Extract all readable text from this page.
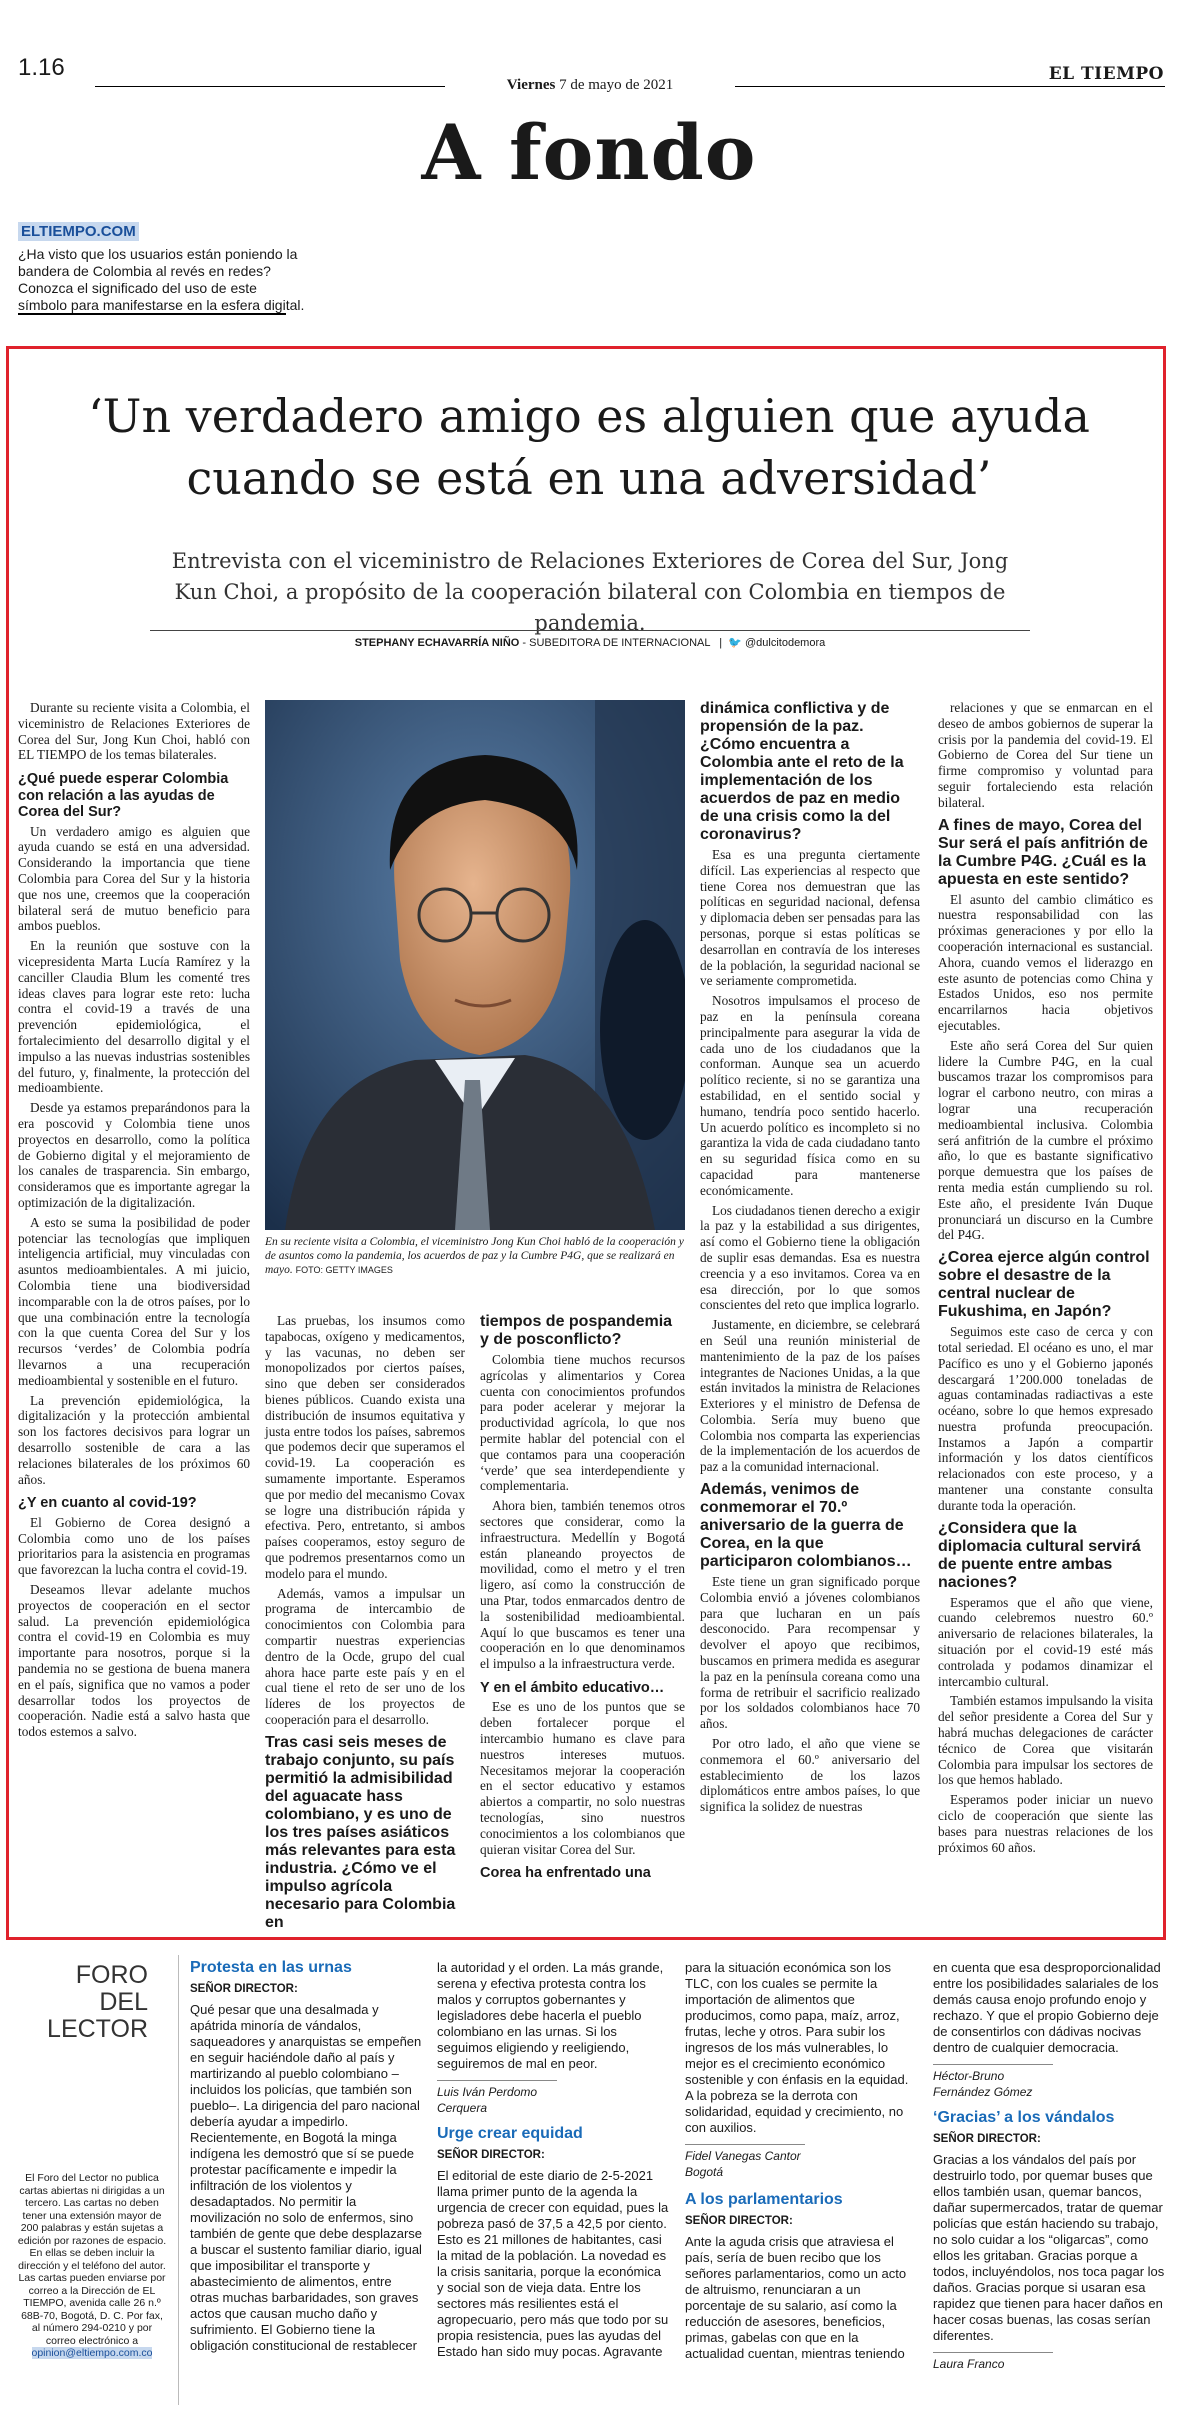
1.16
Viernes 7 de mayo de 2021
EL TIEMPO
A fondo
ELTIEMPO.COM
¿Ha visto que los usuarios están poniendo la bandera de Colombia al revés en redes? Conozca el significado del uso de este símbolo para manifestarse en la esfera digital.
‘Un verdadero amigo es alguien que ayuda cuando se está en una adversidad’
Entrevista con el viceministro de Relaciones Exteriores de Corea del Sur, Jong Kun Choi, a propósito de la cooperación bilateral con Colombia en tiempos de pandemia.
STEPHANY ECHAVARRÍA NIÑO - SUBEDITORA DE INTERNACIONAL   |  🐦 @dulcitodemora

Durante su reciente visita a Colombia, el viceministro de Relaciones Exteriores de Corea del Sur, Jong Kun Choi, habló con EL TIEMPO de los temas bilaterales.

¿Qué puede esperar Colombia con relación a las ayudas de Corea del Sur?

Un verdadero amigo es alguien que ayuda cuando se está en una adversidad. Considerando la importancia que tiene Colombia para Corea del Sur y la historia que nos une, creemos que la cooperación bilateral será de mutuo beneficio para ambos pueblos.

En la reunión que sostuve con la vicepresidenta Marta Lucía Ramírez y la canciller Claudia Blum les comenté tres ideas claves para lograr este reto: lucha contra el covid-19 a través de una prevención epidemiológica, el fortalecimiento del desarrollo digital y el impulso a las nuevas industrias sostenibles del futuro, y, finalmente, la protección del medioambiente.

Desde ya estamos preparándonos para la era poscovid y Colombia tiene unos proyectos en desarrollo, como la política de Gobierno digital y el mejoramiento de los canales de trasparencia. Sin embargo, consideramos que es importante agregar la optimización de la digitalización.

A esto se suma la posibilidad de poder potenciar las tecnologías que impliquen inteligencia artificial, muy vinculadas con asuntos medioambientales. A mi juicio, Colombia tiene una biodiversidad incomparable con la de otros países, por lo que una combinación entre la tecnología con la que cuenta Corea del Sur y los recursos ‘verdes’ de Colombia podría llevarnos a una recuperación medioambiental y sostenible en el futuro.

La prevención epidemiológica, la digitalización y la protección ambiental son los factores decisivos para lograr un desarrollo sostenible de cara a las relaciones bilaterales de los próximos 60 años.

¿Y en cuanto al covid-19?

El Gobierno de Corea designó a Colombia como uno de los países prioritarios para la asistencia en programas que favorezcan la lucha contra el covid-19.

Deseamos llevar adelante muchos proyectos de cooperación en el sector salud. La prevención epidemiológica contra el covid-19 en Colombia es muy importante para nosotros, porque si la pandemia no se gestiona de buena manera en el país, significa que no vamos a poder desarrollar todos los proyectos de cooperación. Nadie está a salvo hasta que todos estemos a salvo.

En su reciente visita a Colombia, el viceministro Jong Kun Choi habló de la cooperación y de asuntos como la pandemia, los acuerdos de paz y la Cumbre P4G, que se realizará en mayo. FOTO: GETTY IMAGES

Las pruebas, los insumos como tapabocas, oxígeno y medicamentos, y las vacunas, no deben ser monopolizados por ciertos países, sino que deben ser considerados bienes públicos. Cuando exista una distribución de insumos equitativa y justa entre todos los países, sabremos que podemos decir que superamos el covid-19. La cooperación es sumamente importante. Esperamos que por medio del mecanismo Covax se logre una distribución rápida y efectiva. Pero, entretanto, si ambos países cooperamos, estoy seguro de que podremos presentarnos como un modelo para el mundo.

Además, vamos a impulsar un programa de intercambio de conocimientos con Colombia para compartir nuestras experiencias dentro de la Ocde, grupo del cual ahora hace parte este país y en el cual tiene el reto de ser uno de los líderes de los proyectos de cooperación para el desarrollo.

Tras casi seis meses de trabajo conjunto, su país permitió la admisibilidad del aguacate hass colombiano, y es uno de los tres países asiáticos más relevantes para esta industria. ¿Cómo ve el impulso agrícola necesario para Colombia en
tiempos de pospandemia y de posconflicto?

Colombia tiene muchos recursos agrícolas y alimentarios y Corea cuenta con conocimientos profundos para poder acelerar y mejorar la productividad agrícola, lo que nos permite hablar del potencial con el que contamos para una cooperación ‘verde’ que sea interdependiente y complementaria.

Ahora bien, también tenemos otros sectores que considerar, como la infraestructura. Medellín y Bogotá están planeando proyectos de movilidad, como el metro y el tren ligero, así como la construcción de una Ptar, todos enmarcados dentro de la sostenibilidad medioambiental. Aquí lo que buscamos es tener una cooperación en lo que denominamos el impulso a la infraestructura verde.

Y en el ámbito educativo…

Ese es uno de los puntos que se deben fortalecer porque el intercambio humano es clave para nuestros intereses mutuos. Necesitamos mejorar la cooperación en el sector educativo y estamos abiertos a compartir, no solo nuestras tecnologías, sino nuestros conocimientos a los colombianos que quieran visitar Corea del Sur.

Corea ha enfrentado una
dinámica conflictiva y de propensión de la paz. ¿Cómo encuentra a Colombia ante el reto de la implementación de los acuerdos de paz en medio de una crisis como la del coronavirus?

Esa es una pregunta ciertamente difícil. Las experiencias al respecto que tiene Corea nos demuestran que las políticas en seguridad nacional, defensa y diplomacia deben ser pensadas para las personas, porque si estas políticas se desarrollan en contravía de los intereses de la población, la seguridad nacional se ve seriamente comprometida.

Nosotros impulsamos el proceso de paz en la península coreana principalmente para asegurar la vida de cada uno de los ciudadanos que la conforman. Aunque sea un acuerdo político reciente, si no se garantiza una estabilidad, en el sentido social y humano, tendría poco sentido hacerlo. Un acuerdo político es incompleto si no garantiza la vida de cada ciudadano tanto en su seguridad física como en su capacidad para mantenerse económicamente.

Los ciudadanos tienen derecho a exigir la paz y la estabilidad a sus dirigentes, así como el Gobierno tiene la obligación de suplir esas demandas. Esa es nuestra creencia y a eso invitamos. Corea va en esa dirección, por lo que somos conscientes del reto que implica lograrlo.

Justamente, en diciembre, se celebrará en Seúl una reunión ministerial de mantenimiento de la paz de los países integrantes de Naciones Unidas, a la que están invitados la ministra de Relaciones Exteriores y el ministro de Defensa de Colombia. Sería muy bueno que Colombia nos comparta las experiencias de la implementación de los acuerdos de paz a la comunidad internacional.

Además, venimos de conmemorar el 70.º aniversario de la guerra de Corea, en la que participaron colombianos…

Este tiene un gran significado porque Colombia envió a jóvenes colombianos para que lucharan en un país desconocido. Para recompensar y devolver el apoyo que recibimos, buscamos en primera medida es asegurar la paz en la península coreana como una forma de retribuir el sacrificio realizado por los soldados colombianos hace 70 años.

Por otro lado, el año que viene se conmemora el 60.º aniversario del establecimiento de los lazos diplomáticos entre ambos países, lo que significa la solidez de nuestras

relaciones y que se enmarcan en el deseo de ambos gobiernos de superar la crisis por la pandemia del covid-19. El Gobierno de Corea del Sur tiene un firme compromiso y voluntad para seguir fortaleciendo esta relación bilateral.

A fines de mayo, Corea del Sur será el país anfitrión de la Cumbre P4G. ¿Cuál es la apuesta en este sentido?

El asunto del cambio climático es nuestra responsabilidad con las próximas generaciones y por ello la cooperación internacional es sustancial. Ahora, cuando vemos el liderazgo en este asunto de potencias como China y Estados Unidos, eso nos permite encarrilarnos hacia objetivos ejecutables.

Este año será Corea del Sur quien lidere la Cumbre P4G, en la cual buscamos trazar los compromisos para lograr el carbono neutro, con miras a lograr una recuperación medioambiental inclusiva. Colombia será anfitrión de la cumbre el próximo año, lo que es bastante significativo porque demuestra que los países de renta media están cumpliendo su rol. Este año, el presidente Iván Duque pronunciará un discurso en la Cumbre del P4G.

¿Corea ejerce algún control sobre el desastre de la central nuclear de Fukushima, en Japón?

Seguimos este caso de cerca y con total seriedad. El océano es uno, el mar Pacífico es uno y el Gobierno japonés descargará 1’200.000 toneladas de aguas contaminadas radiactivas a este océano, sobre lo que hemos expresado nuestra profunda preocupación. Instamos a Japón a compartir información y los datos científicos relacionados con este proceso, y a mantener una constante consulta durante toda la operación.

¿Considera que la diplomacia cultural servirá de puente entre ambas naciones?

Esperamos que el año que viene, cuando celebremos nuestro 60.º aniversario de relaciones bilaterales, la situación por el covid-19 esté más controlada y podamos dinamizar el intercambio cultural.

También estamos impulsando la visita del señor presidente a Corea del Sur y habrá muchas delegaciones de carácter técnico de Corea que visitarán Colombia para impulsar los sectores de los que hemos hablado.

Esperamos poder iniciar un nuevo ciclo de cooperación que siente las bases para nuestras relaciones de los próximos 60 años.

FORO DEL LECTOR
El Foro del Lector no publica cartas abiertas ni dirigidas a un tercero. Las cartas no deben tener una extensión mayor de 200 palabras y están sujetas a edición por razones de espacio. En ellas se deben incluir la dirección y el teléfono del autor. Las cartas pueden enviarse por correo a la Dirección de EL TIEMPO, avenida calle 26 n.º 68B-70, Bogotá, D. C. Por fax, al número 294-0210 y por correo electrónico a opinion@eltiempo.com.co

Protesta en las urnas

SEÑOR DIRECTOR:

Qué pesar que una desalmada y apátrida minoría de vándalos, saqueadores y anarquistas se empeñen en seguir haciéndole daño al país y martirizando al pueblo colombiano –incluidos los policías, que también son pueblo–. La dirigencia del paro nacional debería ayudar a impedirlo. Recientemente, en Bogotá la minga indígena les demostró que sí se puede protestar pacíficamente e impedir la infiltración de los violentos y desadaptados. No permitir la movilización no solo de enfermos, sino también de gente que debe desplazarse a buscar el sustento familiar diario, igual que imposibilitar el transporte y abastecimiento de alimentos, entre otras muchas barbaridades, son graves actos que causan mucho daño y sufrimiento. El Gobierno tiene la obligación constitucional de restablecer

la autoridad y el orden. La más grande, serena y efectiva protesta contra los malos y corruptos gobernantes y legisladores debe hacerla el pueblo colombiano en las urnas. Si los seguimos eligiendo y reeligiendo, seguiremos de mal en peor.

Luis Iván Perdomo Cerquera

Urge crear equidad

SEÑOR DIRECTOR:

El editorial de este diario de 2-5-2021 llama primer punto de la agenda la urgencia de crecer con equidad, pues la pobreza pasó de 37,5 a 42,5 por ciento. Esto es 21 millones de habitantes, casi la mitad de la población. La novedad es la crisis sanitaria, porque la económica y social son de vieja data. Entre los sectores más resilientes está el agropecuario, pero más que todo por su propia resistencia, pues las ayudas del Estado han sido muy pocas. Agravante

para la situación económica son los TLC, con los cuales se permite la importación de alimentos que producimos, como papa, maíz, arroz, frutas, leche y otros. Para subir los ingresos de los más vulnerables, lo mejor es el crecimiento económico sostenible y con énfasis en la equidad. A la pobreza se la derrota con solidaridad, equidad y crecimiento, no con auxilios.

Fidel Vanegas Cantor

Bogotá

A los parlamentarios

SEÑOR DIRECTOR:

Ante la aguda crisis que atraviesa el país, sería de buen recibo que los señores parlamentarios, como un acto de altruismo, renunciaran a un porcentaje de su salario, así como la reducción de asesores, beneficios, primas, gabelas con que en la actualidad cuentan, mientras teniendo

en cuenta que esa desproporcionalidad entre los posibilidades salariales de los demás causa enojo profundo enojo y rechazo. Y que el propio Gobierno deje de consentirlos con dádivas nocivas dentro de cualquier democracia.

Héctor-Bruno Fernández Gómez

‘Gracias’ a los vándalos

SEÑOR DIRECTOR:

Gracias a los vándalos del país por destruirlo todo, por quemar buses que ellos también usan, quemar bancos, dañar supermercados, tratar de quemar policías que están haciendo su trabajo, no solo cuidar a los “oligarcas”, como ellos les gritaban. Gracias porque a todos, incluyéndolos, nos toca pagar los daños. Gracias porque si usaran esa rapidez que tienen para hacer daños en hacer cosas buenas, las cosas serían diferentes.

Laura Franco
